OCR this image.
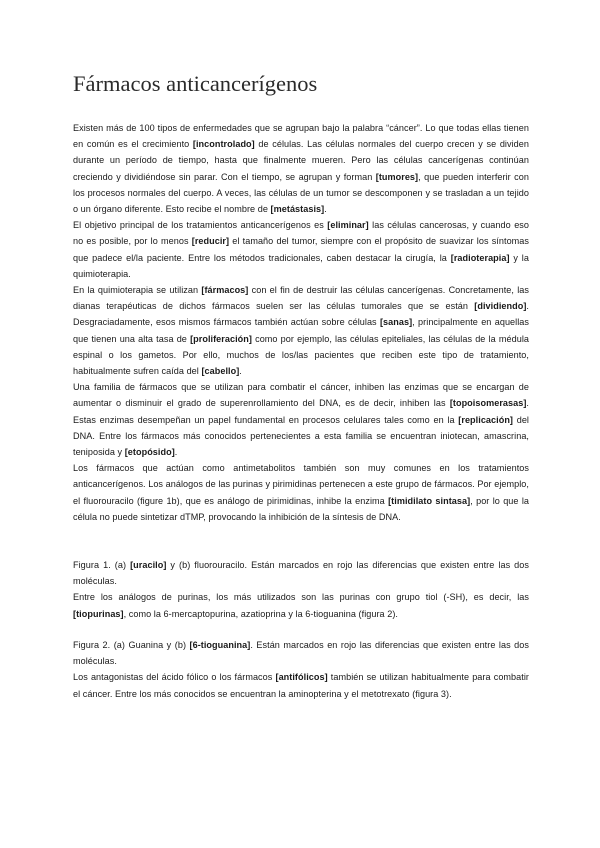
Fármacos anticancerígenos

Existen más de 100 tipos de enfermedades que se agrupan bajo la palabra “cáncer”. Lo que todas ellas tienen en común es el crecimiento [incontrolado] de células. Las células normales del cuerpo crecen y se dividen durante un período de tiempo, hasta que finalmente mueren. Pero las células cancerígenas continúan creciendo y dividiéndose sin parar. Con el tiempo, se agrupan y forman [tumores], que pueden interferir con los procesos normales del cuerpo. A veces, las células de un tumor se descomponen y se trasladan a un tejido o un órgano diferente. Esto recibe el nombre de [metástasis].

El objetivo principal de los tratamientos anticancerígenos es [eliminar] las células cancerosas, y cuando eso no es posible, por lo menos [reducir] el tamaño del tumor, siempre con el propósito de suavizar los síntomas que padece el/la paciente. Entre los métodos tradicionales, caben destacar la cirugía, la [radioterapia] y la quimioterapia.

En la quimioterapia se utilizan [fármacos] con el fin de destruir las células cancerígenas. Concretamente, las dianas terapéuticas de dichos fármacos suelen ser las células tumorales que se están [dividiendo]. Desgraciadamente, esos mismos fármacos también actúan sobre células [sanas], principalmente en aquellas que tienen una alta tasa de [proliferación] como por ejemplo, las células epiteliales, las células de la médula espinal o los gametos. Por ello, muchos de los/las pacientes que reciben este tipo de tratamiento, habitualmente sufren caída del [cabello].

Una familia de fármacos que se utilizan para combatir el cáncer, inhiben las enzimas que se encargan de aumentar o disminuir el grado de superenrollamiento del DNA, es de decir, inhiben las [topoisomerasas]. Estas enzimas desempeñan un papel fundamental en procesos celulares tales como en la [replicación] del DNA. Entre los fármacos más conocidos pertenecientes a esta familia se encuentran iniotecan, amascrina, teniposida y [etopósido].

Los fármacos que actúan como antimetabolitos también son muy comunes en los tratamientos anticancerígenos. Los análogos de las purinas y pirimidinas pertenecen a este grupo de fármacos. Por ejemplo, el fluorouracilo (figure 1b), que es análogo de pirimidinas, inhibe la enzima [timidilato sintasa], por lo que la célula no puede sintetizar dTMP, provocando la inhibición de la síntesis de DNA.

Figura 1. (a) [uracilo] y (b) fluorouracilo. Están marcados en rojo las diferencias que existen entre las dos moléculas.

Entre los análogos de purinas, los más utilizados son las purinas con grupo tiol (-SH), es decir, las [tiopurinas], como la 6-mercaptopurina, azatioprina y la 6-tioguanina (figura 2).

Figura 2. (a) Guanina y (b) [6-tioguanina]. Están marcados en rojo las diferencias que existen entre las dos moléculas.

Los antagonistas del ácido fólico o los fármacos [antifólicos] también se utilizan habitualmente para combatir el cáncer. Entre los más conocidos se encuentran la aminopterina y el metotrexato (figura 3).
